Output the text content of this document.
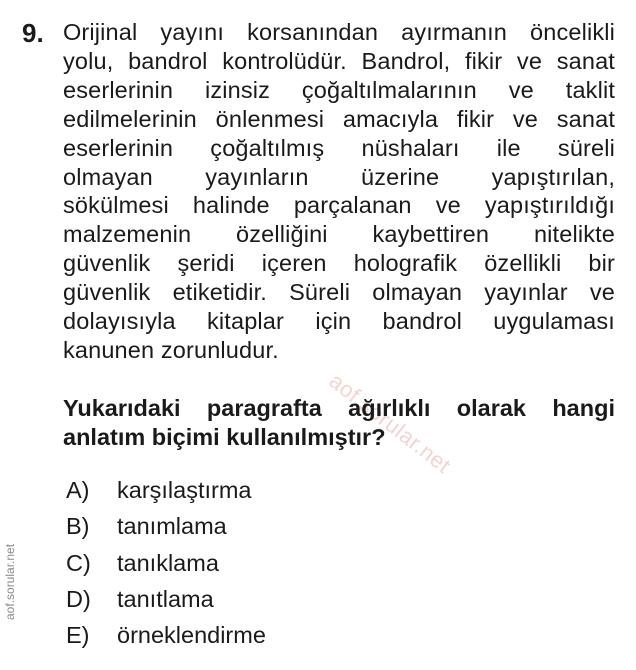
9. Orijinal yayını korsanından ayırmanın öncelikli
yolu, bandrol kontrolüdür. Bandrol, fikir ve sanat
eserlerinin izinsiz çoğaltılmalarının ve taklit
edilmelerinin önlenmesi amacıyla fikir ve sanat
eserlerinin çoğaltılmış nüshaları ile süreli
olmayan yayınların üzerine yapıştırılan,
sökülmesi halinde parçalanan ve yapıştırıldığı
malzemenin özelliğini kaybettiren nitelikte
güvenlik şeridi içeren holografik özellikli bir
güvenlik etiketidir. Süreli olmayan yayınlar ve
dolayısıyla kitaplar için bandrol uygulaması
kanunen zorunludur.
aof.sorular.net
Yukarıdaki paragrafta ağırlıklı olarak hangi
anlatım biçimi kullanılmıştır?
A)	karşılaştırma
B)	tanımlama
C)	tanıklama
D)	tanıtlama
E)	örneklendirme
aof.sorular.net
